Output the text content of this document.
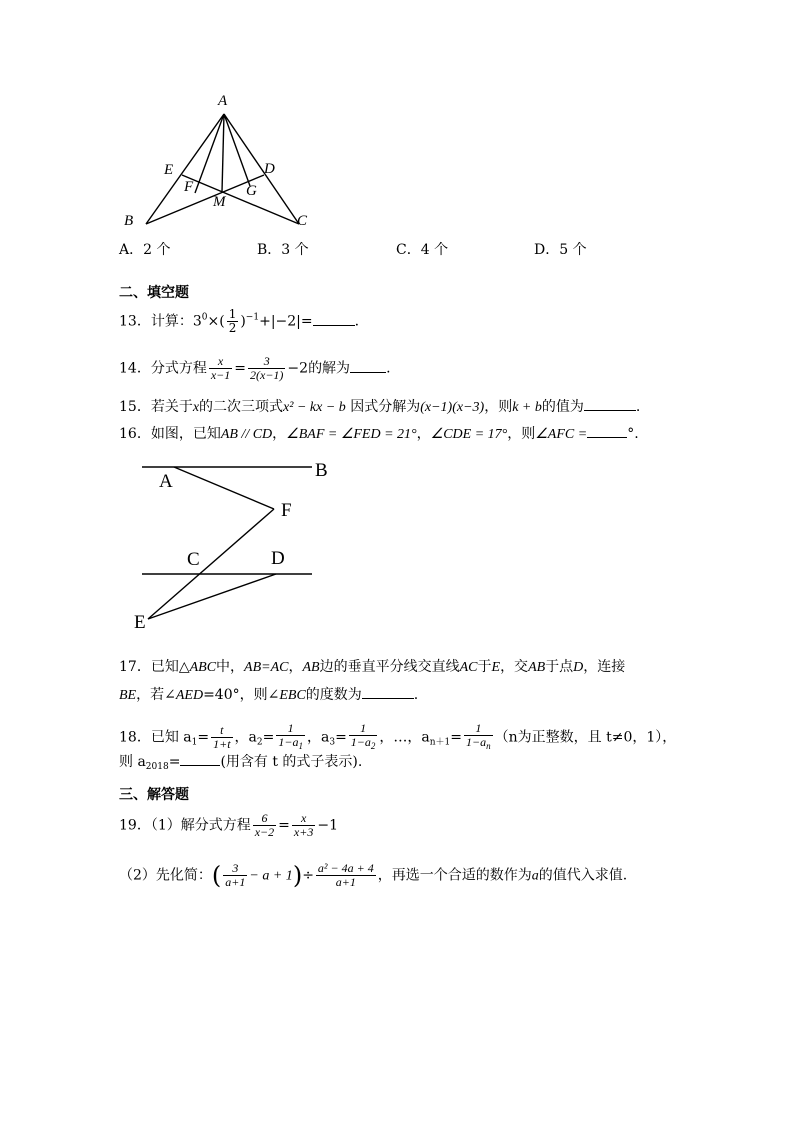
A
B	C
D
E
F	G
M
A．2 个	B．3 个	C．4 个	D．5 个
二、填空题
13．计算：$3^0\times( \frac{1}{2} )^{-1}+|-2|=$	.
14．分式方程 $\frac{x}{x-1} = \frac{3}{2(x-1)} -2$的解为	.
15．若关于x的二次三项式x² − kx − b 因式分解为(x−1)(x−3)，则k + b的值为	.
16．如图，已知AB // CD，∠BAF = ∠FED = 21°，∠CDE = 17°，则∠AFC =	°.
A
B
F
C	D
E
17．已知△ABC中，AB=AC，AB边的垂直平分线交直线AC于E，交AB于点D，连接
BE，若∠AED=40°，则∠EBC的度数为	.
18．已知 $a_1= \frac{t}{1+t}$ ，$a_2= \frac{1}{1-a_1}$ ，$a_3= \frac{1}{1-a_2}$ ，…，$a_{n+1}= \frac{1}{1-a_n} (n$为正整数，且 t≠0，1），
则 $a_{2018}=$	(用含有 t 的式子表示).
三、解答题
19．（1）解分式方程 $\frac{6}{x-2} = \frac{x}{x+3} -1$
（2）先化简：( $\frac{3}{a+1} - a + 1)\div \frac{\text{a² − 4a + 4}}{a+1}$ ，再选一个合适的数作为a的值代入求值.
